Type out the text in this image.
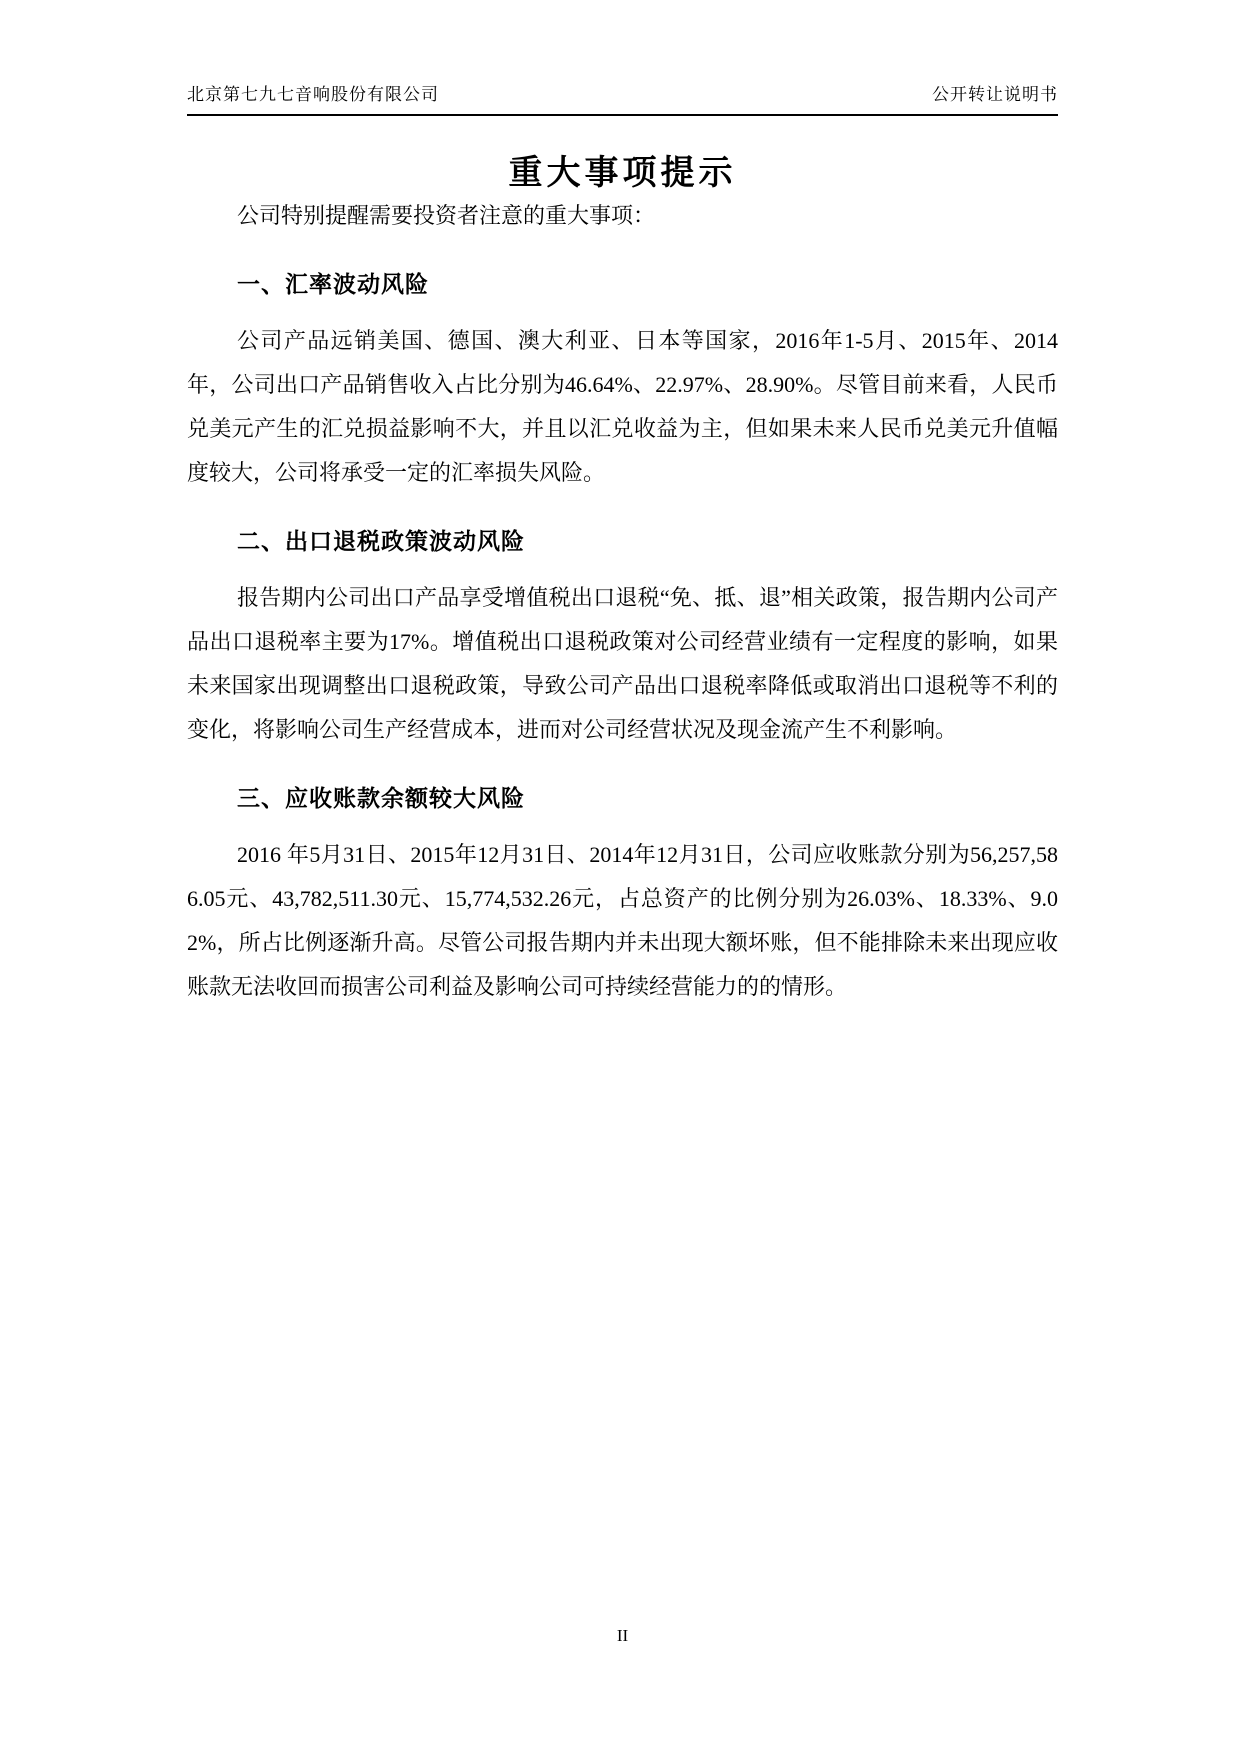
北京第七九七音响股份有限公司	公开转让说明书
重大事项提示

公司特别提醒需要投资者注意的重大事项：

一、汇率波动风险

公司产品远销美国、德国、澳大利亚、日本等国家，2016年1-5月、2015年、2014年，公司出口产品销售收入占比分别为46.64%、22.97%、28.90%。尽管目前来看，人民币兑美元产生的汇兑损益影响不大，并且以汇兑收益为主，但如果未来人民币兑美元升值幅度较大，公司将承受一定的汇率损失风险。

二、出口退税政策波动风险

报告期内公司出口产品享受增值税出口退税“免、抵、退”相关政策，报告期内公司产品出口退税率主要为17%。增值税出口退税政策对公司经营业绩有一定程度的影响，如果未来国家出现调整出口退税政策，导致公司产品出口退税率降低或取消出口退税等不利的变化，将影响公司生产经营成本，进而对公司经营状况及现金流产生不利影响。

三、应收账款余额较大风险

2016 年5月31日、2015年12月31日、2014年12月31日，公司应收账款分别为56,257,586.05元、43,782,511.30元、15,774,532.26元，占总资产的比例分别为26.03%、18.33%、9.02%，所占比例逐渐升高。尽管公司报告期内并未出现大额坏账，但不能排除未来出现应收账款无法收回而损害公司利益及影响公司可持续经营能力的的情形。

II
